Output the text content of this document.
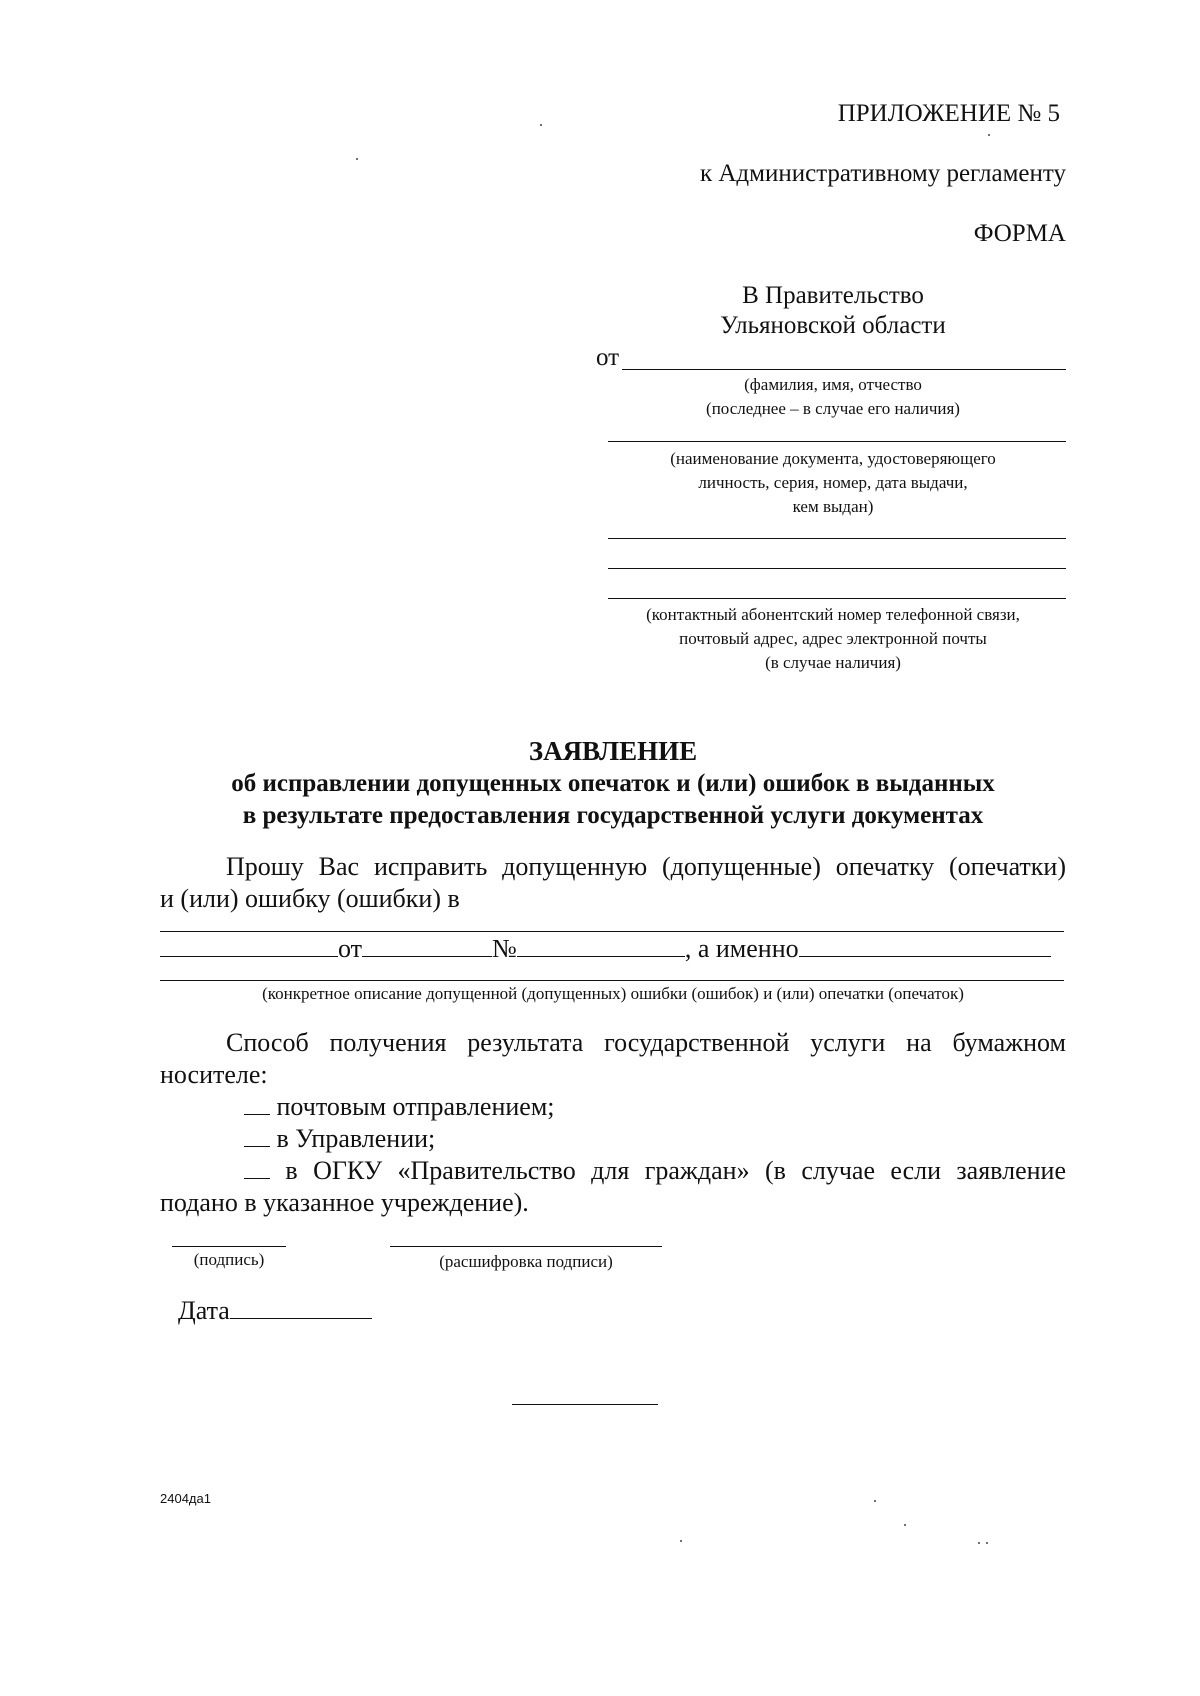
ПРИЛОЖЕНИЕ № 5
к Административному регламенту
ФОРМА
В Правительство
Ульяновской области
от
(фамилия, имя, отчество
(последнее – в случае его наличия)
(наименование документа, удостоверяющего
личность, серия, номер, дата выдачи,
кем выдан)
(контактный абонентский номер телефонной связи,
почтовый адрес, адрес электронной почты
(в случае наличия)
ЗАЯВЛЕНИЕ
об исправлении допущенных опечаток и (или) ошибок в выданных
в результате предоставления государственной услуги документах
Прошу Вас исправить допущенную (допущенные) опечатку (опечатки)
и (или) ошибку (ошибки) в
от	№	, а именно
(конкретное описание допущенной (допущенных) ошибки (ошибок) и (или) опечатки (опечаток)
Способ получения результата государственной услуги на бумажном
носителе:
почтовым отправлением;
в Управлении;
в ОГКУ «Правительство для граждан» (в случае если заявление
подано в указанное учреждение).
(подпись)	(расшифровка подписи)
Дата
2404да1
